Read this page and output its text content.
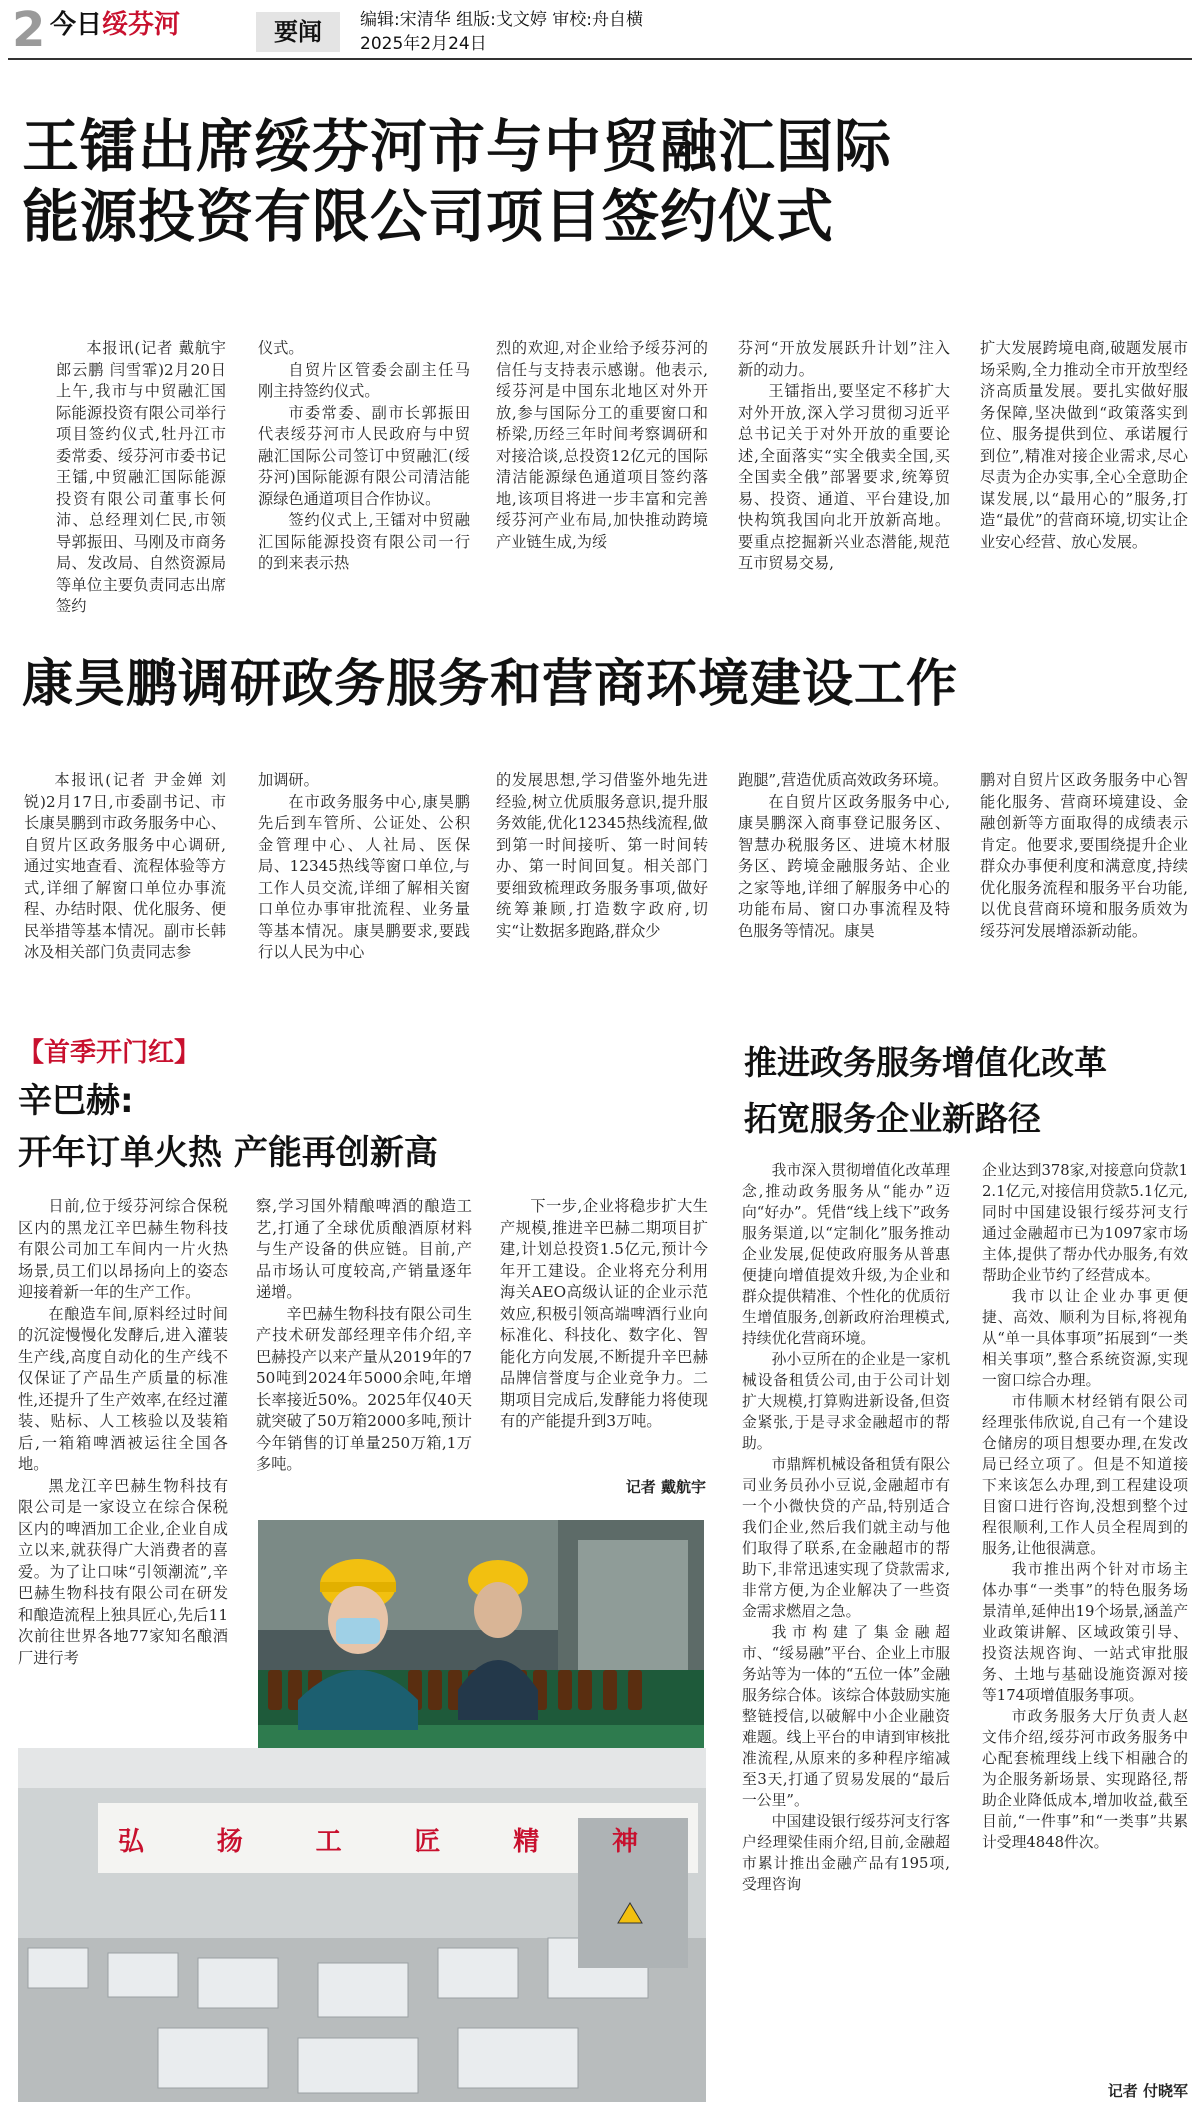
2 今日绥芬河	要闻	编辑:宋清华 组版:戈文婷 审校:舟自横
2025年2月24日
王镭出席绥芬河市与中贸融汇国际
能源投资有限公司项目签约仪式

本报讯(记者 戴航宇 郎云鹏 闫雪霏)2月20日上午,我市与中贸融汇国际能源投资有限公司举行项目签约仪式,牡丹江市委常委、绥芬河市委书记王镭,中贸融汇国际能源投资有限公司董事长何沛、总经理刘仁民,市领导郭振田、马刚及市商务局、发改局、自然资源局等单位主要负责同志出席签约

仪式。

自贸片区管委会副主任马刚主持签约仪式。

市委常委、副市长郭振田代表绥芬河市人民政府与中贸融汇国际公司签订中贸融汇(绥芬河)国际能源有限公司清洁能源绿色通道项目合作协议。

签约仪式上,王镭对中贸融汇国际能源投资有限公司一行的到来表示热

烈的欢迎,对企业给予绥芬河的信任与支持表示感谢。他表示,绥芬河是中国东北地区对外开放,参与国际分工的重要窗口和桥梁,历经三年时间考察调研和对接洽谈,总投资12亿元的国际清洁能源绿色通道项目签约落地,该项目将进一步丰富和完善绥芬河产业布局,加快推动跨境产业链生成,为绥

芬河“开放发展跃升计划”注入新的动力。

王镭指出,要坚定不移扩大对外开放,深入学习贯彻习近平总书记关于对外开放的重要论述,全面落实“实全俄卖全国,买全国卖全俄”部署要求,统筹贸易、投资、通道、平台建设,加快构筑我国向北开放新高地。要重点挖掘新兴业态潜能,规范互市贸易交易,

扩大发展跨境电商,破题发展市场采购,全力推动全市开放型经济高质量发展。要扎实做好服务保障,坚决做到“政策落实到位、服务提供到位、承诺履行到位”,精准对接企业需求,尽心尽责为企办实事,全心全意助企谋发展,以“最用心的”服务,打造“最优”的营商环境,切实让企业安心经营、放心发展。

康昊鹏调研政务服务和营商环境建设工作

本报讯(记者 尹金婵 刘锐)2月17日,市委副书记、市长康昊鹏到市政务服务中心、自贸片区政务服务中心调研,通过实地查看、流程体验等方式,详细了解窗口单位办事流程、办结时限、优化服务、便民举措等基本情况。副市长韩冰及相关部门负责同志参

加调研。

在市政务服务中心,康昊鹏先后到车管所、公证处、公积金管理中心、人社局、医保局、12345热线等窗口单位,与工作人员交流,详细了解相关窗口单位办事审批流程、业务量等基本情况。康昊鹏要求,要践行以人民为中心

的发展思想,学习借鉴外地先进经验,树立优质服务意识,提升服务效能,优化12345热线流程,做到第一时间接听、第一时间转办、第一时间回复。相关部门要细致梳理政务服务事项,做好统筹兼顾,打造数字政府,切实“让数据多跑路,群众少

跑腿”,营造优质高效政务环境。

在自贸片区政务服务中心,康昊鹏深入商事登记服务区、智慧办税服务区、进境木材服务区、跨境金融服务站、企业之家等地,详细了解服务中心的功能布局、窗口办事流程及特色服务等情况。康昊

鹏对自贸片区政务服务中心智能化服务、营商环境建设、金融创新等方面取得的成绩表示肯定。他要求,要围绕提升企业群众办事便利度和满意度,持续优化服务流程和服务平台功能,以优良营商环境和服务质效为绥芬河发展增添新动能。

【首季开门红】
辛巴赫:
开年订单火热 产能再创新高

日前,位于绥芬河综合保税区内的黑龙江辛巴赫生物科技有限公司加工车间内一片火热场景,员工们以昂扬向上的姿态迎接着新一年的生产工作。

在酿造车间,原料经过时间的沉淀慢慢化发酵后,进入灌装生产线,高度自动化的生产线不仅保证了产品生产质量的标准性,还提升了生产效率,在经过灌装、贴标、人工核验以及装箱后,一箱箱啤酒被运往全国各地。

黑龙江辛巴赫生物科技有限公司是一家设立在综合保税区内的啤酒加工企业,企业自成立以来,就获得广大消费者的喜爱。为了让口味“引领潮流”,辛巴赫生物科技有限公司在研发和酿造流程上独具匠心,先后11次前往世界各地77家知名酿酒厂进行考

察,学习国外精酿啤酒的酿造工艺,打通了全球优质酿酒原材料与生产设备的供应链。目前,产品市场认可度较高,产销量逐年递增。

辛巴赫生物科技有限公司生产技术研发部经理辛伟介绍,辛巴赫投产以来产量从2019年的750吨到2024年5000余吨,年增长率接近50%。2025年仅40天就突破了50万箱2000多吨,预计今年销售的订单量250万箱,1万多吨。

下一步,企业将稳步扩大生产规模,推进辛巴赫二期项目扩建,计划总投资1.5亿元,预计今年开工建设。企业将充分利用海关AEO高级认证的企业示范效应,积极引领高端啤酒行业向标准化、科技化、数字化、智能化方向发展,不断提升辛巴赫品牌信誉度与企业竞争力。二期项目完成后,发酵能力将使现有的产能提升到3万吨。

记者 戴航宇
弘	扬	工	匠	精	神
推进政务服务增值化改革
拓宽服务企业新路径

我市深入贯彻增值化改革理念,推动政务服务从“能办”迈向“好办”。凭借“线上线下”政务服务渠道,以“定制化”服务推动企业发展,促使政府服务从普惠便捷向增值提效升级,为企业和群众提供精准、个性化的优质衍生增值服务,创新政府治理模式,持续优化营商环境。

孙小豆所在的企业是一家机械设备租赁公司,由于公司计划扩大规模,打算购进新设备,但资金紧张,于是寻求金融超市的帮助。

市鼎辉机械设备租赁有限公司业务员孙小豆说,金融超市有一个小微快贷的产品,特别适合我们企业,然后我们就主动与他们取得了联系,在金融超市的帮助下,非常迅速实现了贷款需求,非常方便,为企业解决了一些资金需求燃眉之急。

我市构建了集金融超市、“绥易融”平台、企业上市服务站等为一体的“五位一体”金融服务综合体。该综合体鼓励实施整链授信,以破解中小企业融资难题。线上平台的申请到审核批准流程,从原来的多种程序缩减至3天,打通了贸易发展的“最后一公里”。

中国建设银行绥芬河支行客户经理梁佳雨介绍,目前,金融超市累计推出金融产品有195项,受理咨询

企业达到378家,对接意向贷款12.1亿元,对接信用贷款5.1亿元,同时中国建设银行绥芬河支行通过金融超市已为1097家市场主体,提供了帮办代办服务,有效帮助企业节约了经营成本。

我市以让企业办事更便捷、高效、顺利为目标,将视角从“单一具体事项”拓展到“一类相关事项”,整合系统资源,实现一窗口综合办理。

市伟顺木材经销有限公司经理张伟欣说,自己有一个建设仓储房的项目想要办理,在发改局已经立项了。但是不知道接下来该怎么办理,到工程建设项目窗口进行咨询,没想到整个过程很顺利,工作人员全程周到的服务,让他很满意。

我市推出两个针对市场主体办事“一类事”的特色服务场景清单,延伸出19个场景,涵盖产业政策讲解、区域政策引导、投资法规咨询、一站式审批服务、土地与基础设施资源对接等174项增值服务事项。

市政务服务大厅负责人赵文伟介绍,绥芬河市政务服务中心配套梳理线上线下相融合的为企服务新场景、实现路径,帮助企业降低成本,增加收益,截至目前,“一件事”和“一类事”共累计受理4848件次。

记者 付晓军
